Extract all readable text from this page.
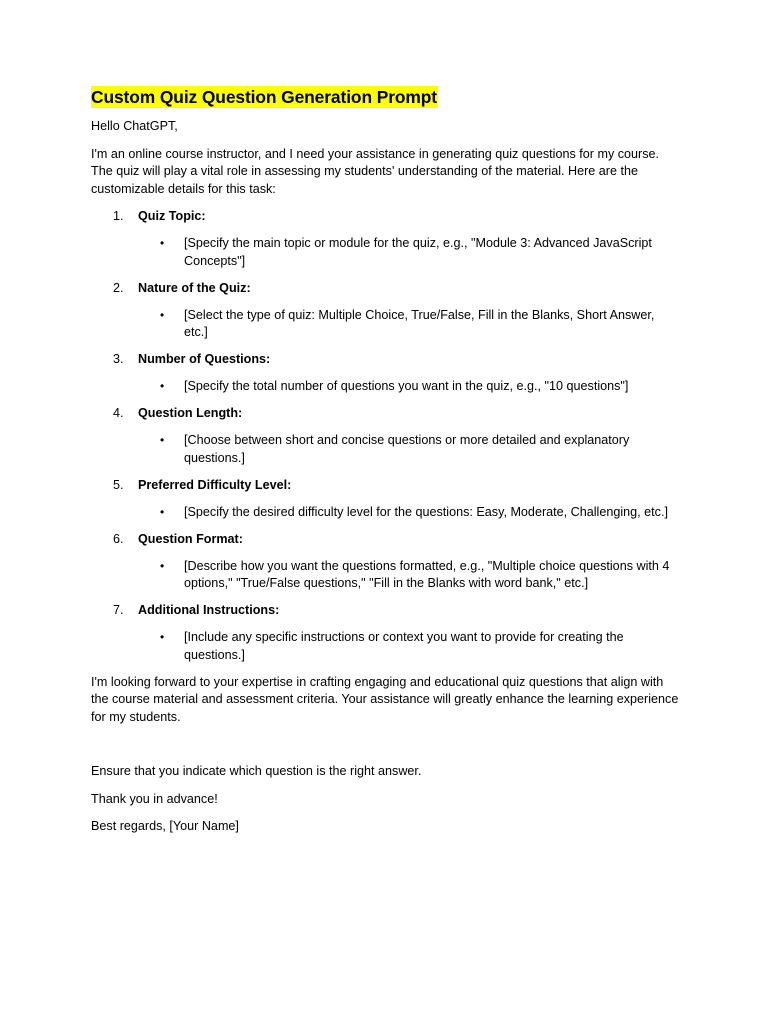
Custom Quiz Question Generation Prompt

Hello ChatGPT,

I'm an online course instructor, and I need your assistance in generating quiz questions for my course. The quiz will play a vital role in assessing my students' understanding of the material. Here are the customizable details for this task:

1. Quiz Topic:
• [Specify the main topic or module for the quiz, e.g., "Module 3: Advanced JavaScript Concepts"]
2. Nature of the Quiz:
• [Select the type of quiz: Multiple Choice, True/False, Fill in the Blanks, Short Answer, etc.]
3. Number of Questions:
• [Specify the total number of questions you want in the quiz, e.g., "10 questions"]
4. Question Length:
• [Choose between short and concise questions or more detailed and explanatory questions.]
5. Preferred Difficulty Level:
• [Specify the desired difficulty level for the questions: Easy, Moderate, Challenging, etc.]
6. Question Format:
• [Describe how you want the questions formatted, e.g., "Multiple choice questions with 4 options," "True/False questions," "Fill in the Blanks with word bank," etc.]
7. Additional Instructions:
• [Include any specific instructions or context you want to provide for creating the questions.]

I'm looking forward to your expertise in crafting engaging and educational quiz questions that align with the course material and assessment criteria. Your assistance will greatly enhance the learning experience for my students.

Ensure that you indicate which question is the right answer.

Thank you in advance!

Best regards, [Your Name]
